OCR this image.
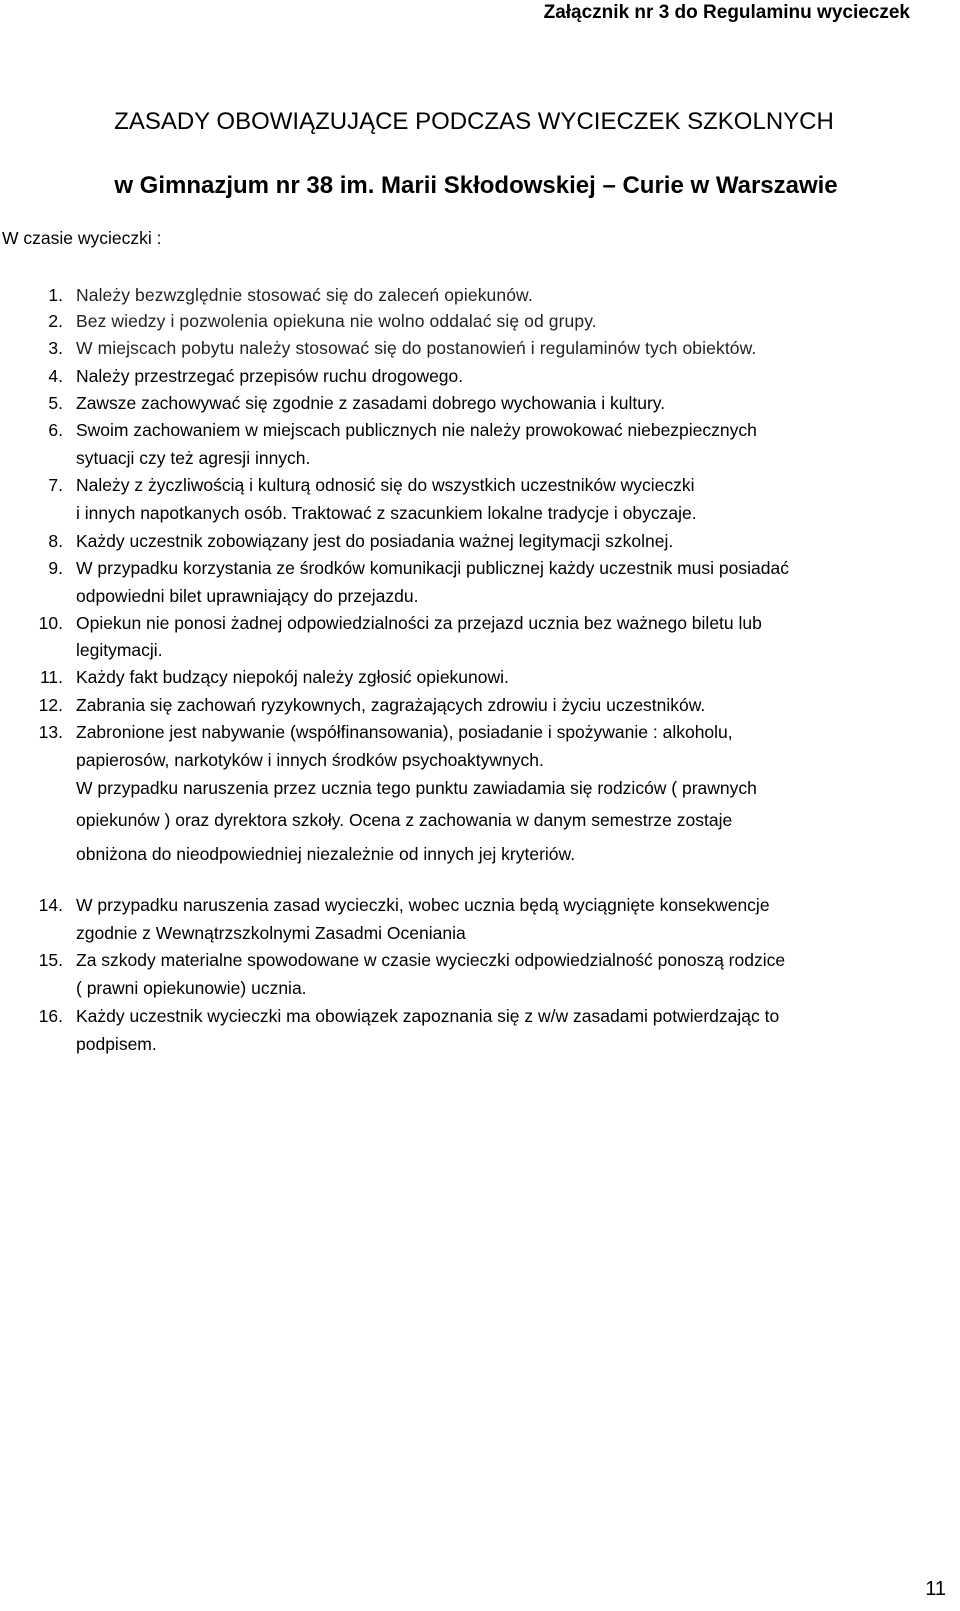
Załącznik nr 3 do Regulaminu wycieczek
ZASADY OBOWIĄZUJĄCE PODCZAS WYCIECZEK SZKOLNYCH
w Gimnazjum nr 38 im. Marii Skłodowskiej – Curie w Warszawie
W czasie wycieczki :
1. Należy bezwzględnie stosować się do zaleceń opiekunów.
2. Bez wiedzy i pozwolenia opiekuna nie wolno oddalać się od grupy.
3. W miejscach pobytu należy stosować się do postanowień i regulaminów tych obiektów.
4. Należy przestrzegać przepisów ruchu drogowego.
5. Zawsze zachowywać się zgodnie z zasadami dobrego wychowania i kultury.
6. Swoim zachowaniem w miejscach publicznych nie należy prowokować niebezpiecznych
sytuacji czy też agresji innych.
7. Należy z życzliwością i kulturą odnosić się do wszystkich uczestników wycieczki
i innych napotkanych osób. Traktować z szacunkiem lokalne tradycje i obyczaje.
8. Każdy uczestnik zobowiązany jest do posiadania ważnej legitymacji szkolnej.
9. W przypadku korzystania ze środków komunikacji publicznej każdy uczestnik musi posiadać
odpowiedni bilet uprawniający do przejazdu.
10. Opiekun nie ponosi żadnej odpowiedzialności za przejazd ucznia bez ważnego biletu lub
legitymacji.
11. Każdy fakt budzący niepokój należy zgłosić opiekunowi.
12. Zabrania się zachowań ryzykownych, zagrażających zdrowiu i życiu uczestników.
13. Zabronione jest nabywanie (współfinansowania), posiadanie i spożywanie : alkoholu,
papierosów, narkotyków i innych środków psychoaktywnych.
W przypadku naruszenia przez ucznia tego punktu zawiadamia się rodziców ( prawnych
opiekunów ) oraz dyrektora szkoły. Ocena z zachowania w danym semestrze zostaje
obniżona do nieodpowiedniej niezależnie od innych jej kryteriów.
14. W przypadku naruszenia zasad wycieczki, wobec ucznia będą wyciągnięte konsekwencje
zgodnie z Wewnątrzszkolnymi Zasadmi Oceniania
15. Za szkody materialne spowodowane w czasie wycieczki odpowiedzialność ponoszą rodzice
( prawni opiekunowie) ucznia.
16. Każdy uczestnik wycieczki ma obowiązek zapoznania się z w/w zasadami potwierdzając to
podpisem.
11
